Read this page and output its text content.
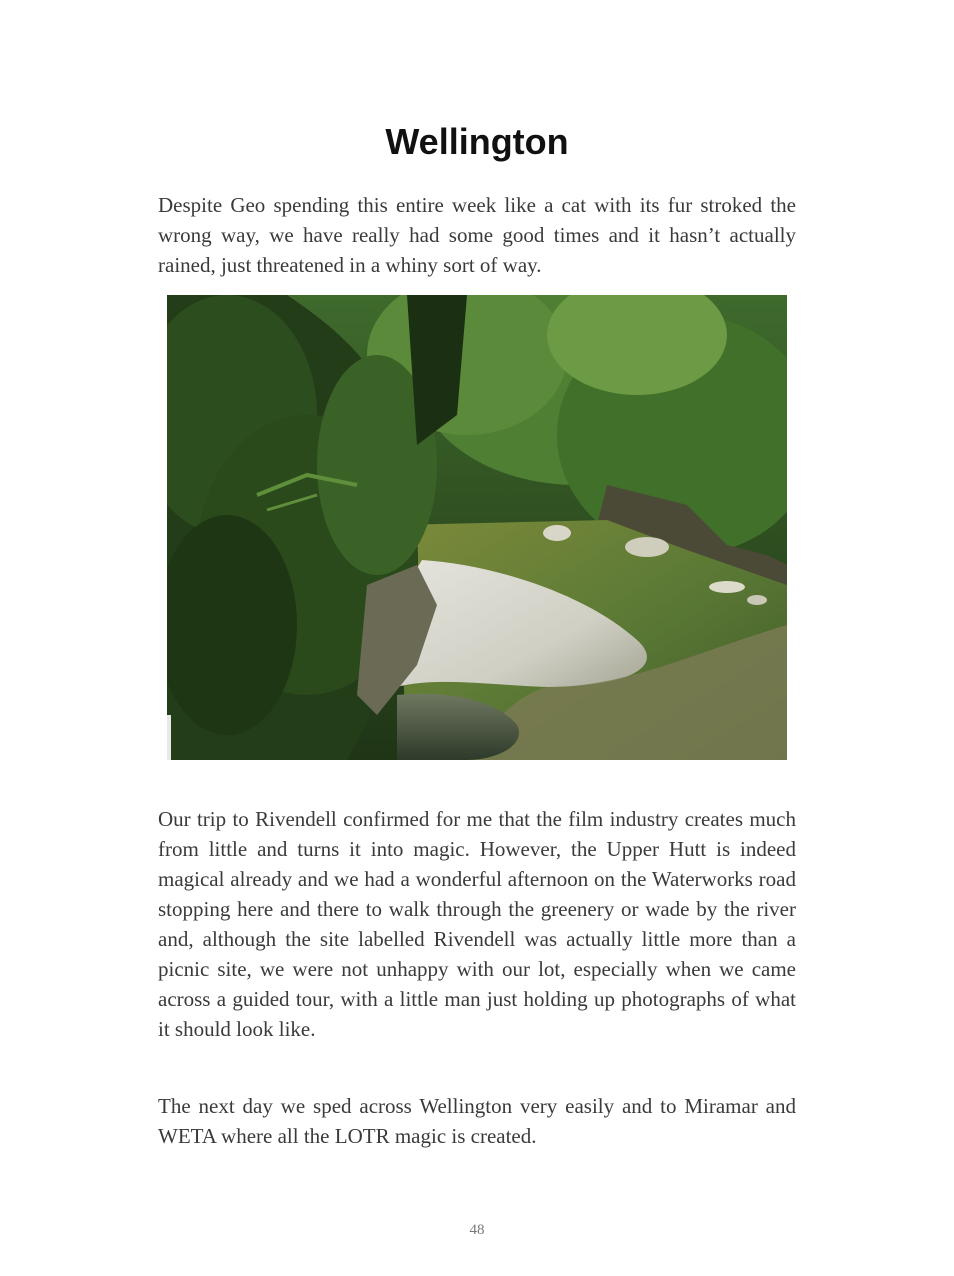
Wellington

Despite Geo spending this entire week like a cat with its fur stroked the wrong way, we have really had some good times and it hasn’t actually rained, just threatened in a whiny sort of way.

Our trip to Rivendell confirmed for me that the film industry creates much from little and turns it into magic. However, the Upper Hutt is indeed magical already and we had a wonderful afternoon on the Waterworks road stopping here and there to walk through the greenery or wade by the river and, although the site labelled Rivendell was actually little more than a picnic site, we were not unhappy with our lot, especially when we came across a guided tour, with a little man just holding up photographs of what it should look like.

The next day we sped across Wellington very easily and to Miramar and WETA where all the LOTR magic is created.

48
